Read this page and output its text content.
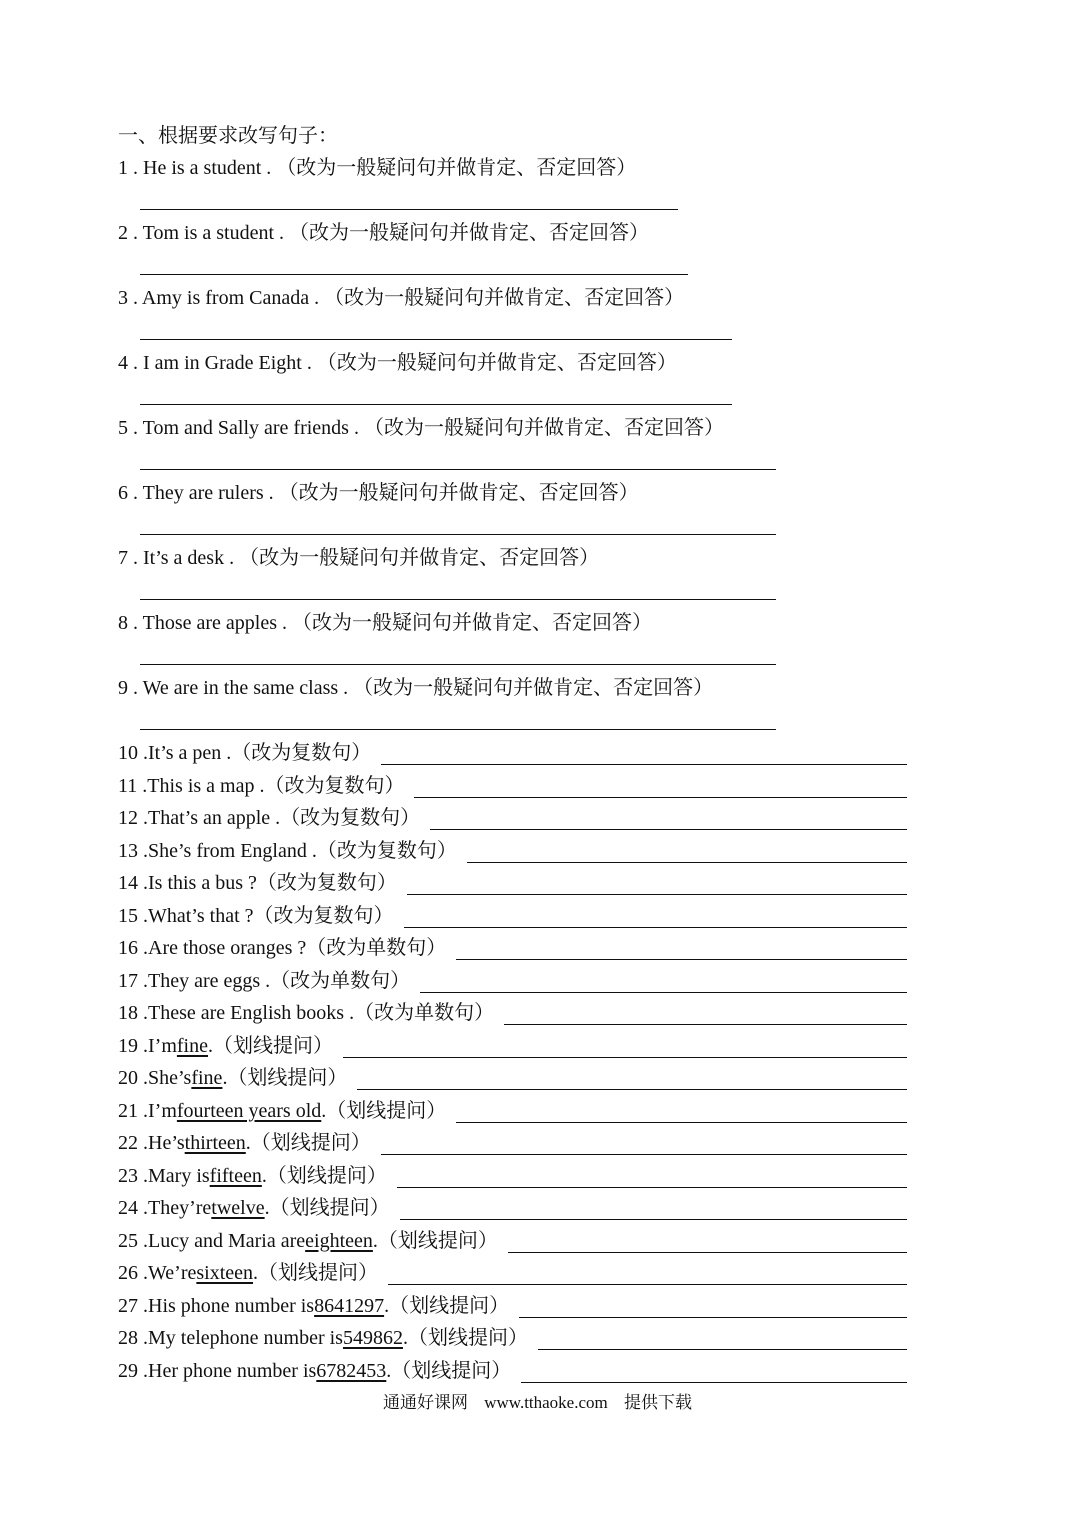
一、根据要求改写句子：
1 . He is a student . （改为一般疑问句并做肯定、否定回答）
2 . Tom is a student . （改为一般疑问句并做肯定、否定回答）
3 . Amy is from Canada . （改为一般疑问句并做肯定、否定回答）
4 . I am in Grade Eight . （改为一般疑问句并做肯定、否定回答）
5 . Tom and Sally are friends . （改为一般疑问句并做肯定、否定回答）
6 . They are rulers . （改为一般疑问句并做肯定、否定回答）
7 . It’s a desk . （改为一般疑问句并做肯定、否定回答）
8 . Those are apples . （改为一般疑问句并做肯定、否定回答）
9 . We are in the same class . （改为一般疑问句并做肯定、否定回答）
10 . It’s a pen . （改为复数句）
11 . This is a map . （改为复数句）
12 . That’s an apple . （改为复数句）
13 . She’s from England . （改为复数句）
14 . Is this a bus ? （改为复数句）
15 . What’s that ? （改为复数句）
16 . Are those oranges ? （改为单数句）
17 . They are eggs . （改为单数句）
18 . These are English books . （改为单数句）
19 . I’m fine . （划线提问）
20 . She’s fine . （划线提问）
21 . I’m fourteen years old . （划线提问）
22 . He’s thirteen . （划线提问）
23 . Mary is fifteen . （划线提问）
24 . They’re twelve . （划线提问）
25 . Lucy and Maria are eighteen . （划线提问）
26 . We’re sixteen . （划线提问）
27 . His phone number is 8641297 . （划线提问）
28 . My telephone number is 549862 . （划线提问）
29 . Her phone number is 6782453 . （划线提问）
通通好课网 www.tthaoke.com 提供下载
